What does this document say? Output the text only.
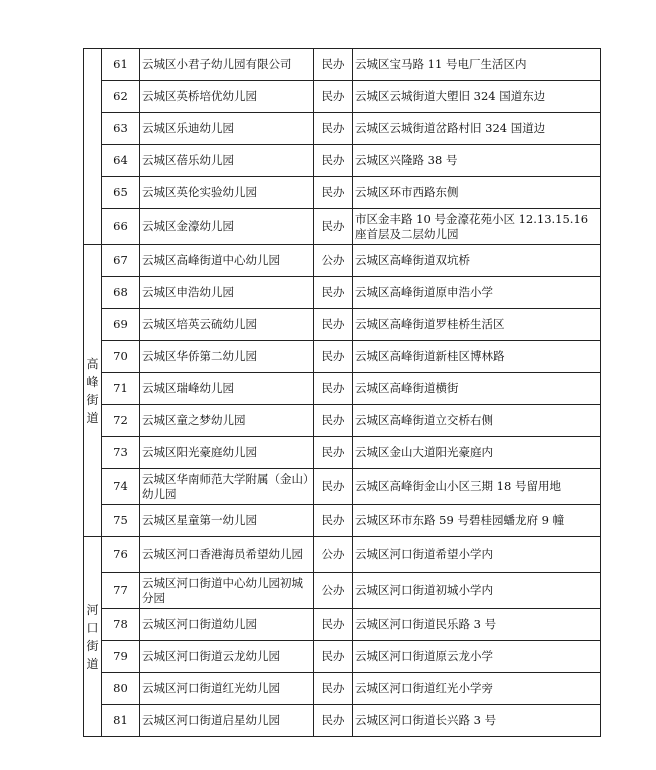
	61	云城区小君子幼儿园有限公司	民办	云城区宝马路 11 号电厂生活区内
	62	云城区英桥培优幼儿园	民办	云城区云城街道大塱旧 324 国道东边
	63	云城区乐迪幼儿园	民办	云城区云城街道岔路村旧 324 国道边
	64	云城区蓓乐幼儿园	民办	云城区兴隆路 38 号
	65	云城区英伦实验幼儿园	民办	云城区环市西路东侧
	66	云城区金濠幼儿园	民办	市区金丰路 10 号金濠花苑小区 12.13.15.16 座首层及二层幼儿园

高峰街道	67	云城区高峰街道中心幼儿园	公办	云城区高峰街道双坑桥
	68	云城区申浩幼儿园	民办	云城区高峰街道原申浩小学
	69	云城区培英云硫幼儿园	民办	云城区高峰街道罗桂桥生活区
	70	云城区华侨第二幼儿园	民办	云城区高峰街道新桂区博林路
	71	云城区瑞峰幼儿园	民办	云城区高峰街道横街
	72	云城区童之梦幼儿园	民办	云城区高峰街道立交桥右侧
	73	云城区阳光豪庭幼儿园	民办	云城区金山大道阳光豪庭内
	74	云城区华南师范大学附属（金山）幼儿园	民办	云城区高峰街金山小区三期 18 号留用地
	75	云城区星童第一幼儿园	民办	云城区环市东路 59 号碧桂园蟠龙府 9 幢

河口街道	76	云城区河口香港海员希望幼儿园	公办	云城区河口街道希望小学内
	77	云城区河口街道中心幼儿园初城分园	公办	云城区河口街道初城小学内
	78	云城区河口街道幼儿园	民办	云城区河口街道民乐路 3 号
	79	云城区河口街道云龙幼儿园	民办	云城区河口街道原云龙小学
	80	云城区河口街道红光幼儿园	民办	云城区河口街道红光小学旁
	81	云城区河口街道启星幼儿园	民办	云城区河口街道长兴路 3 号
